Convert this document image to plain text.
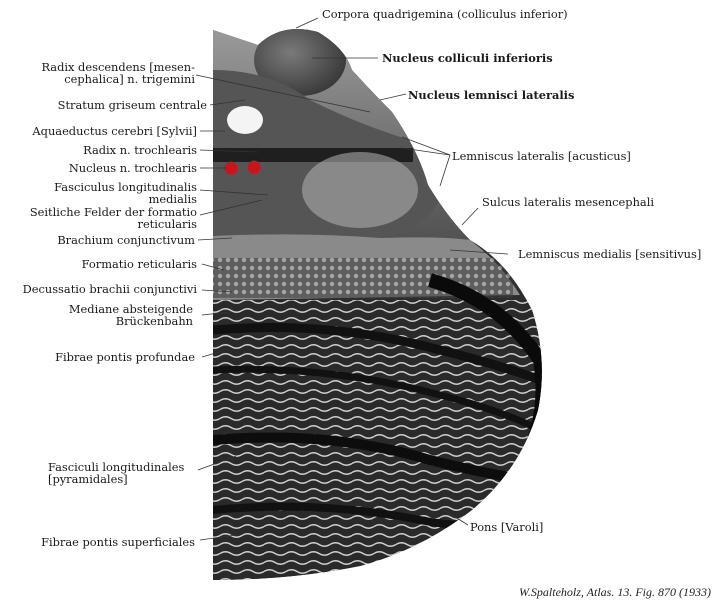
Radix descendens [mesen-
cephalica] n. trigemini
Stratum griseum centrale
Aquaeductus cerebri [Sylvii]
Radix n. trochlearis
Nucleus n. trochlearis
Fasciculus longitudinalis
medialis
Seitliche Felder der formatio
reticularis
Brachium conjunctivum
Formatio reticularis
Decussatio brachii conjunctivi
Mediane absteigende
Brückenbahn
Fibrae pontis profundae
Fasciculi longitudinales
[pyramidales]
Fibrae pontis superficiales
Corpora quadrigemina (colliculus inferior)
Nucleus colliculi inferioris
Nucleus lemnisci lateralis
Lemniscus lateralis [acusticus]
Sulcus lateralis mesencephali
Lemniscus medialis [sensitivus]
Pons [Varoli]
W.Spalteholz, Atlas. 13. Fig. 870 (1933)
